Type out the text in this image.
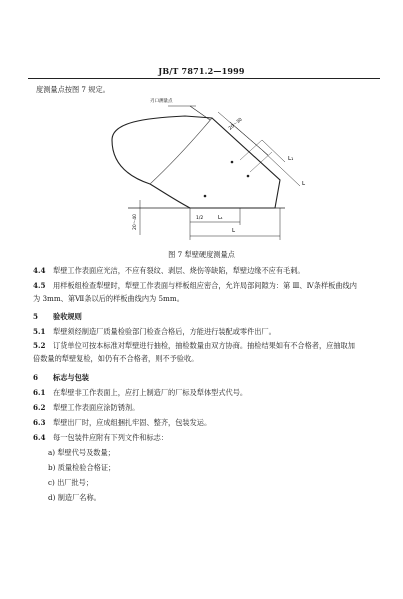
JB/T 7871.2—1999
度测量点按图 7 规定。
刃口测量点
20～30
L₁
L
L₁
L
1/2
20～40
图 7 犁壁硬度测量点
4.4 犁壁工作表面应光洁，不应有裂纹、剥层、烧伤等缺陷，犁壁边缘不应有毛刺。
4.5 用样板组检查犁壁时，犁壁工作表面与样板组应密合，允许局部间隙为：第 Ⅲ、Ⅳ条样板曲线内
为 3mm、第Ⅶ条以后的样板曲线内为 5mm。
5 验收规则
5.1 犁壁须经制造厂质量检验部门检查合格后，方能进行装配或零件出厂。
5.2 订货单位可按本标准对犁壁进行抽检，抽检数量由双方协商。抽检结果如有不合格者，应抽取加
倍数量的犁壁复检，如仍有不合格者，则不予验收。
6 标志与包装
6.1 在犁壁非工作表面上，应打上制造厂的厂标及犁体型式代号。
6.2 犁壁工作表面应涂防锈剂。
6.3 犁壁出厂时，应成组捆扎牢固、整齐，包装发运。
6.4 每一包装件应附有下列文件和标志：
a) 犁壁代号及数量；
b) 质量检验合格证；
c) 出厂批号；
d) 制造厂名称。
